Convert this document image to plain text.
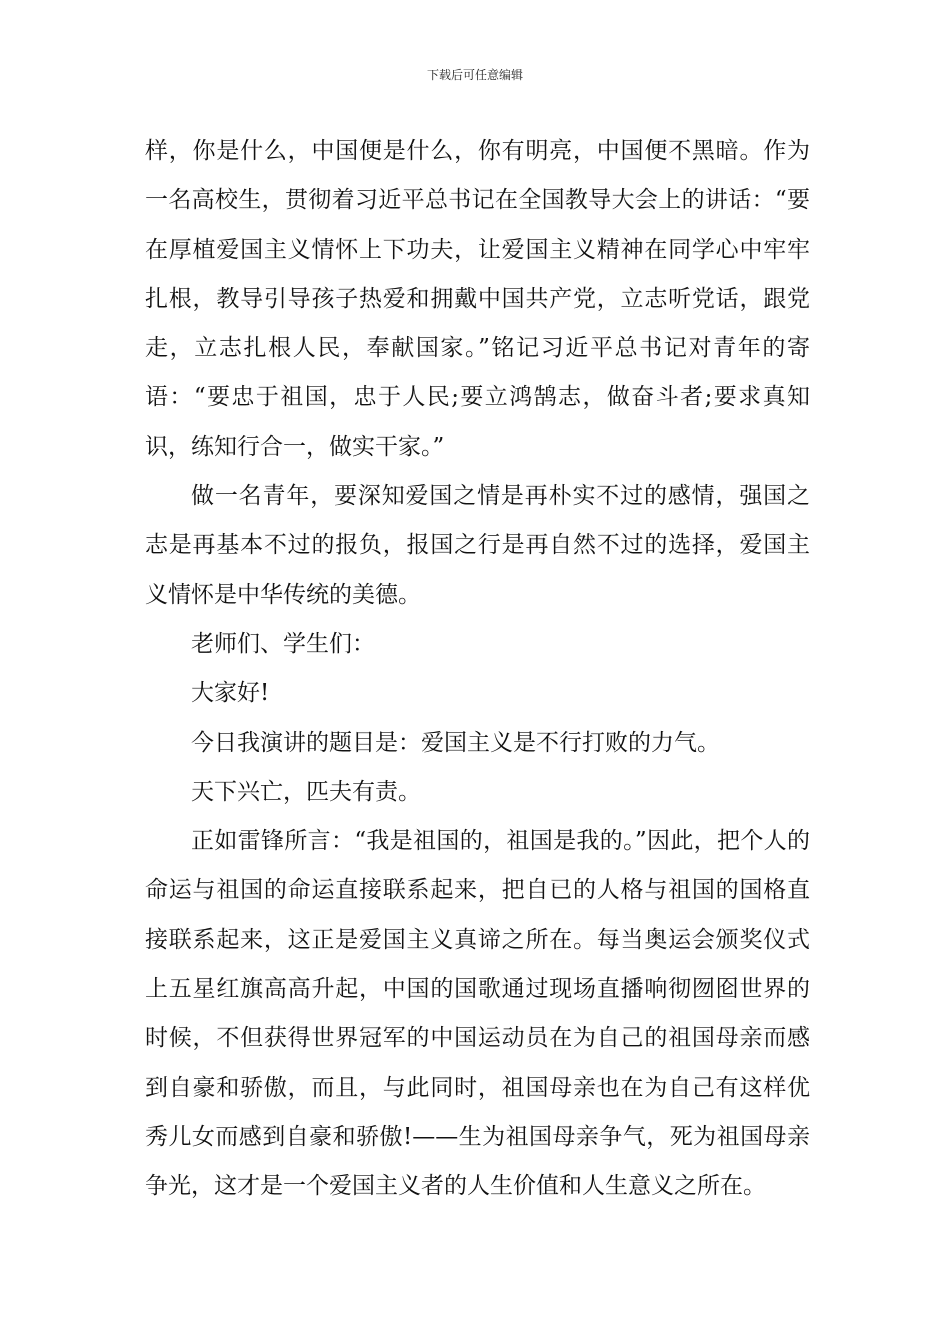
下载后可任意编辑

样，你是什么，中国便是什么，你有明亮，中国便不黑暗。作为一名高校生，贯彻着习近平总书记在全国教导大会上的讲话：“要在厚植爱国主义情怀上下功夫，让爱国主义精神在同学心中牢牢扎根，教导引导孩子热爱和拥戴中国共产党，立志听党话，跟党走，立志扎根人民，奉献国家。”铭记习近平总书记对青年的寄语：“要忠于祖国，忠于人民;要立鸿鹄志，做奋斗者;要求真知识，练知行合一，做实干家。”

做一名青年，要深知爱国之情是再朴实不过的感情，强国之志是再基本不过的报负，报国之行是再自然不过的选择，爱国主义情怀是中华传统的美德。

老师们、学生们：

大家好!

今日我演讲的题目是：爱国主义是不行打败的力气。

天下兴亡，匹夫有责。

正如雷锋所言：“我是祖国的，祖国是我的。”因此，把个人的命运与祖国的命运直接联系起来，把自已的人格与祖国的国格直接联系起来，这正是爱国主义真谛之所在。每当奥运会颁奖仪式上五星红旗高高升起，中国的国歌通过现场直播响彻囫囵世界的时候，不但获得世界冠军的中国运动员在为自己的祖国母亲而感到自豪和骄傲，而且，与此同时，祖国母亲也在为自己有这样优秀儿女而感到自豪和骄傲!——生为祖国母亲争气，死为祖国母亲争光，这才是一个爱国主义者的人生价值和人生意义之所在。
